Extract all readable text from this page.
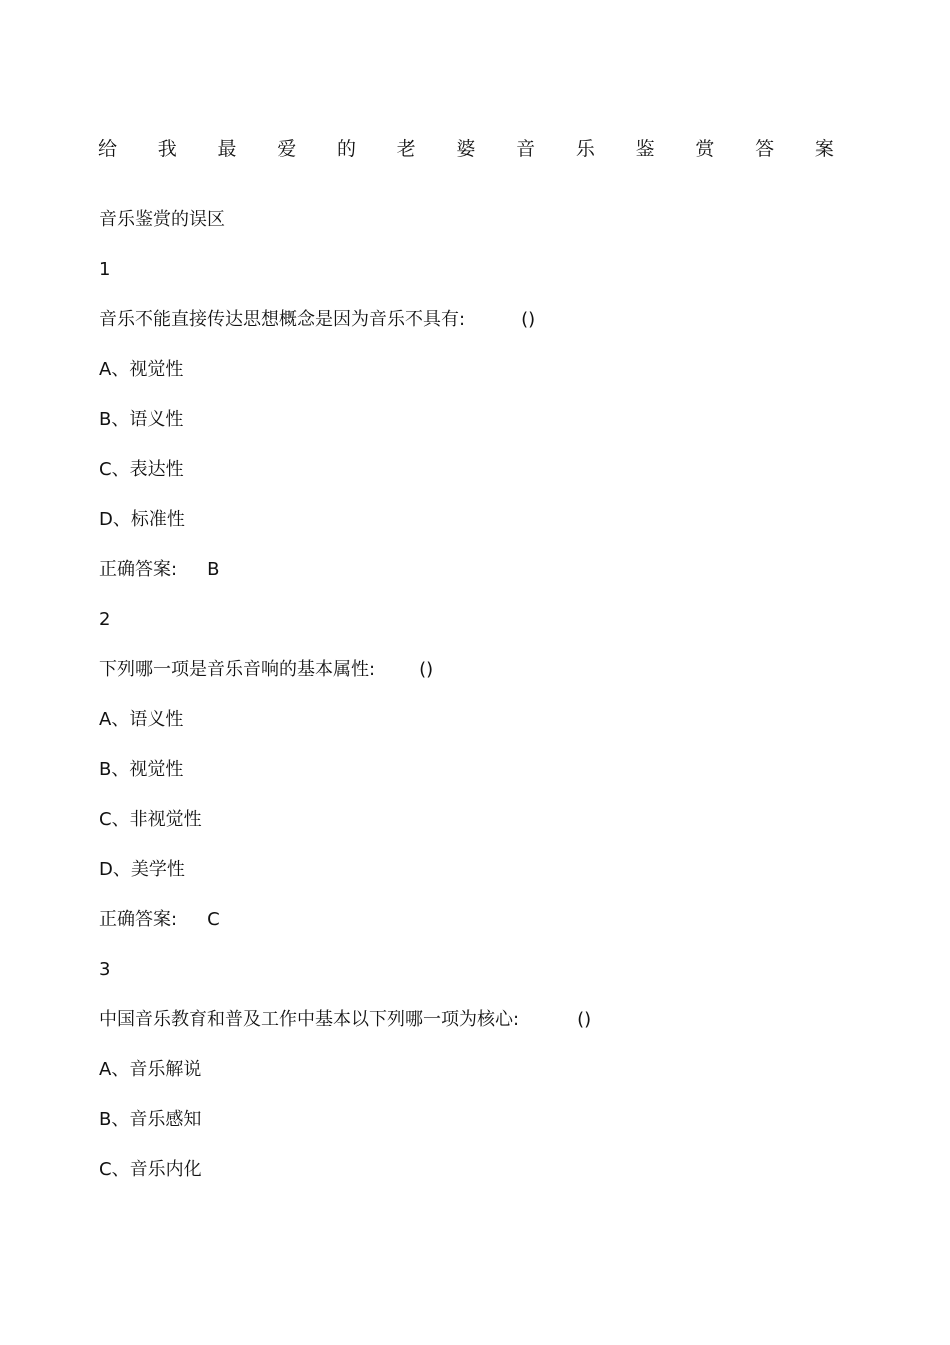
给 我 最 爱 的 老 婆 音 乐 鉴 赏 答 案
音乐鉴赏的误区
1
音乐不能直接传达思想概念是因为音乐不具有:	()
A、视觉性
B、语义性
C、表达性
D、标准性
正确答案: B
2
下列哪一项是音乐音响的基本属性: ()
A、语义性
B、视觉性
C、非视觉性
D、美学性
正确答案: C
3
中国音乐教育和普及工作中基本以下列哪一项为核心:	()
A、音乐解说
B、音乐感知
C、音乐内化
